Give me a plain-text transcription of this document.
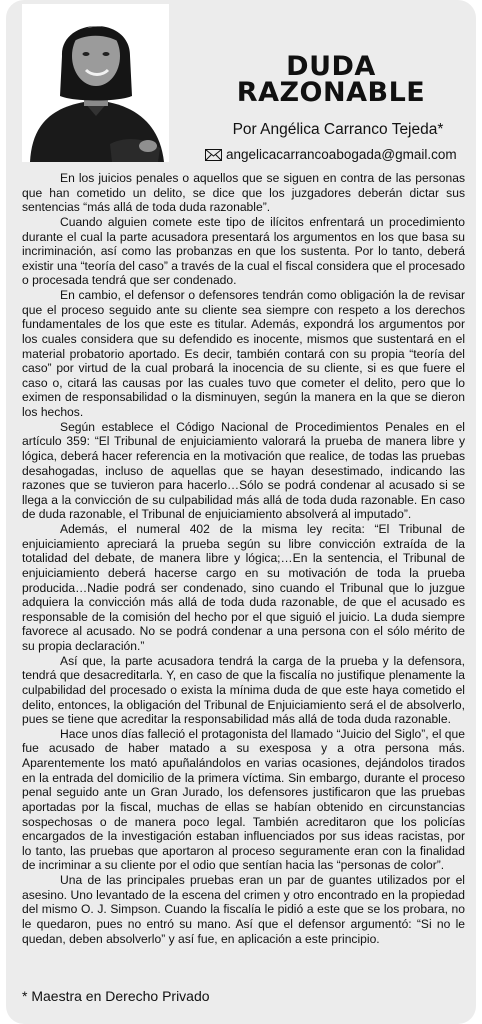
DUDA
RAZONABLE
Por Angélica Carranco Tejeda*
angelicacarrancoabogada@gmail.com

En los juicios penales o aquellos que se siguen en contra de las personas que han cometido un delito, se dice que los juzgadores deberán dictar sus sentencias “más allá de toda duda razonable”.

Cuando alguien comete este tipo de ilícitos enfrentará un procedimiento durante el cual la parte acusadora presentará los argumentos en los que basa su incriminación, así como las probanzas en que los sustenta. Por lo tanto, deberá existir una “teoría del caso” a través de la cual el fiscal considera que el procesado o procesada tendrá que ser condenado.

En cambio, el defensor o defensores tendrán como obligación la de revisar que el proceso seguido ante su cliente sea siempre con respeto a los derechos fundamentales de los que este es titular. Además, expondrá los argumentos por los cuales considera que su defendido es inocente, mismos que sustentará en el material probatorio aportado. Es decir, también contará con su propia “teoría del caso” por virtud de la cual probará la inocencia de su cliente, si es que fuere el caso o, citará las causas por las cuales tuvo que cometer el delito, pero que lo eximen de responsabilidad o la disminuyen, según la manera en la que se dieron los hechos.

Según establece el Código Nacional de Procedimientos Penales en el artículo 359: “El Tribunal de enjuiciamiento valorará la prueba de manera libre y lógica, deberá hacer referencia en la motivación que realice, de todas las pruebas desahogadas, incluso de aquellas que se hayan desestimado, indicando las razones que se tuvieron para hacerlo…Sólo se podrá condenar al acusado si se llega a la convicción de su culpabilidad más allá de toda duda razonable. En caso de duda razonable, el Tribunal de enjuiciamiento absolverá al imputado”.

Además, el numeral 402 de la misma ley recita: “El Tribunal de enjuiciamiento apreciará la prueba según su libre convicción extraída de la totalidad del debate, de manera libre y lógica;…En la sentencia, el Tribunal de enjuiciamiento deberá hacerse cargo en su motivación de toda la prueba producida…Nadie podrá ser condenado, sino cuando el Tribunal que lo juzgue adquiera la convicción más allá de toda duda razonable, de que el acusado es responsable de la comisión del hecho por el que siguió el juicio. La duda siempre favorece al acusado. No se podrá condenar a una persona con el sólo mérito de su propia declaración.”

Así que, la parte acusadora tendrá la carga de la prueba y la defensora, tendrá que desacreditarla. Y, en caso de que la fiscalía no justifique plenamente la culpabilidad del procesado o exista la mínima duda de que este haya cometido el delito, entonces, la obligación del Tribunal de Enjuiciamiento será el de absolverlo, pues se tiene que acreditar la responsabilidad más allá de toda duda razonable.

Hace unos días falleció el protagonista del llamado “Juicio del Siglo”, el que fue acusado de haber matado a su exesposa y a otra persona más. Aparentemente los mató apuñalándolos en varias ocasiones, dejándolos tirados en la entrada del domicilio de la primera víctima. Sin embargo, durante el proceso penal seguido ante un Gran Jurado, los defensores justificaron que las pruebas aportadas por la fiscal, muchas de ellas se habían obtenido en circunstancias sospechosas o de manera poco legal. También acreditaron que los policías encargados de la investigación estaban influenciados por sus ideas racistas, por lo tanto, las pruebas que aportaron al proceso seguramente eran con la finalidad de incriminar a su cliente por el odio que sentían hacia las “personas de color”.

Una de las principales pruebas eran un par de guantes utilizados por el asesino. Uno levantado de la escena del crimen y otro encontrado en la propiedad del mismo O. J. Simpson. Cuando la fiscalía le pidió a este que se los probara, no le quedaron, pues no entró su mano. Así que el defensor argumentó: “Si no le quedan, deben absolverlo” y así fue, en aplicación a este principio.

* Maestra en Derecho Privado
